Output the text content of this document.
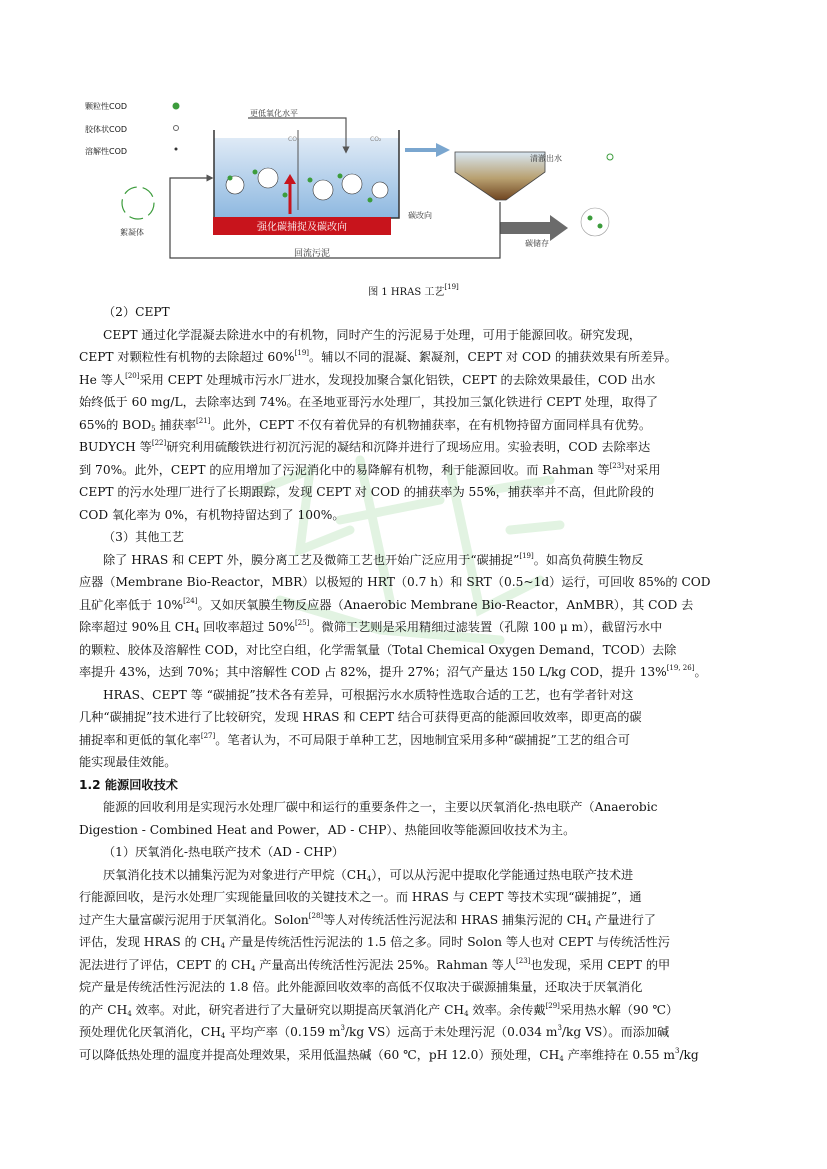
颗粒性COD
胶体状COD
溶解性COD
更低氧化水平
CO₂	CO₂
强化碳捕捉及碳改向
清澈出水
碳储存
碳改向
回流污泥
絮凝体
图 1 HRAS 工艺[19]
（2）CEPT
CEPT 通过化学混凝去除进水中的有机物，同时产生的污泥易于处理，可用于能源回收。研究发现，
CEPT 对颗粒性有机物的去除超过 60%[19]。辅以不同的混凝、絮凝剂，CEPT 对 COD 的捕获效果有所差异。
He 等人[20]采用 CEPT 处理城市污水厂进水，发现投加聚合氯化铝铁，CEPT 的去除效果最佳，COD 出水
始终低于 60 mg/L，去除率达到 74%。在圣地亚哥污水处理厂，其投加三氯化铁进行 CEPT 处理，取得了
65%的 $BOD_5$ 捕获率[21]。此外，CEPT 不仅有着优异的有机物捕获率，在有机物持留方面同样具有优势。
BUDYCH 等[22]研究利用硫酸铁进行初沉污泥的凝结和沉降并进行了现场应用。实验表明，COD 去除率达
到 70%。此外，CEPT 的应用增加了污泥消化中的易降解有机物，利于能源回收。而 Rahman 等[23]对采用
CEPT 的污水处理厂进行了长期跟踪，发现 CEPT 对 COD 的捕获率为 55%，捕获率并不高，但此阶段的
COD 氧化率为 0%，有机物持留达到了 100%。
（3）其他工艺
除了 HRAS 和 CEPT 外，膜分离工艺及微筛工艺也开始广泛应用于“碳捕捉”[19]。如高负荷膜生物反
应器（Membrane Bio-Reactor，MBR）以极短的 HRT（0.7 h）和 SRT（0.5~1d）运行，可回收 85%的 COD
且矿化率低于 10%[24]。又如厌氧膜生物反应器（Anaerobic Membrane Bio-Reactor，AnMBR），其 COD 去
除率超过 90%且 $CH_4$ 回收率超过 50%[25]。微筛工艺则是采用精细过滤装置（孔隙 100 μ m），截留污水中
的颗粒、胶体及溶解性 COD，对比空白组，化学需氧量（Total Chemical Oxygen Demand，TCOD）去除
率提升 43%，达到 70%；其中溶解性 COD 占 82%，提升 27%；沼气产量达 150 L/kg COD，提升 13%[19, 26]。
HRAS、CEPT 等 “碳捕捉”技术各有差异，可根据污水水质特性选取合适的工艺，也有学者针对这
几种“碳捕捉”技术进行了比较研究，发现 HRAS 和 CEPT 结合可获得更高的能源回收效率，即更高的碳
捕捉率和更低的氧化率[27]。笔者认为，不可局限于单种工艺，因地制宜采用多种“碳捕捉”工艺的组合可
能实现最佳效能。
1.2 能源回收技术
能源的回收利用是实现污水处理厂碳中和运行的重要条件之一，主要以厌氧消化-热电联产（Anaerobic
Digestion - Combined Heat and Power，AD - CHP）、热能回收等能源回收技术为主。
（1）厌氧消化-热电联产技术（AD - CHP）
厌氧消化技术以捕集污泥为对象进行产甲烷$(CH_4)$，可以从污泥中提取化学能通过热电联产技术进
行能源回收，是污水处理厂实现能量回收的关键技术之一。而 HRAS 与 CEPT 等技术实现“碳捕捉”，通
过产生大量富碳污泥用于厌氧消化。Solon[28]等人对传统活性污泥法和 HRAS 捕集污泥的 $CH_4$ 产量进行了
评估，发现 HRAS 的 $CH_4$ 产量是传统活性污泥法的 1.5 倍之多。同时 Solon 等人也对 CEPT 与传统活性污
泥法进行了评估，CEPT 的 $CH_4$ 产量高出传统活性污泥法 25%。Rahman 等人[23]也发现，采用 CEPT 的甲
烷产量是传统活性污泥法的 1.8 倍。此外能源回收效率的高低不仅取决于碳源捕集量，还取决于厌氧消化
的产 $CH_4$ 效率。对此，研究者进行了大量研究以期提高厌氧消化产 $CH_4$ 效率。余传戴[29]采用热水解（90 ℃）
预处理优化厌氧消化，$CH_4$ 平均产率（0.159 $m^3/kg$ VS）远高于未处理污泥（0.034 $m^3/kg$ VS）。而添加碱
可以降低热处理的温度并提高处理效果，采用低温热碱（60 ℃，pH 12.0）预处理，$CH_4$ 产率维持在 0.55 $m^3/kg$
